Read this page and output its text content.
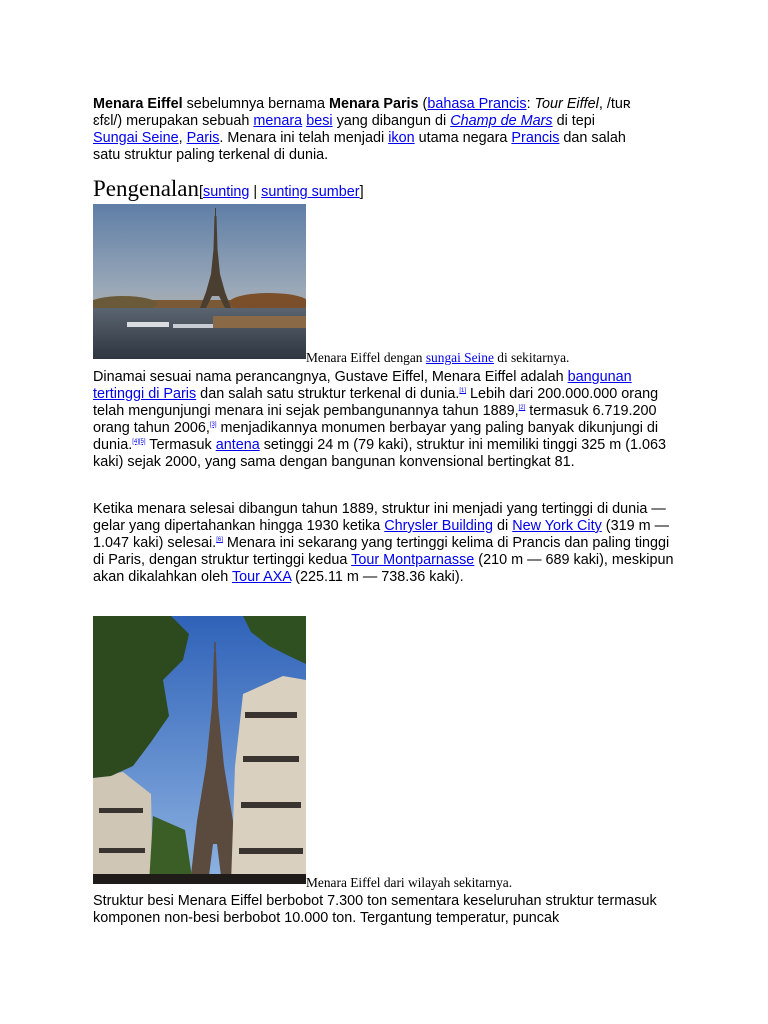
Menara Eiffel sebelumnya bernama Menara Paris (bahasa Prancis: Tour Eiffel, /tuʀ ɛfɛl/) merupakan sebuah menara besi yang dibangun di Champ de Mars di tepi Sungai Seine, Paris. Menara ini telah menjadi ikon utama negara Prancis dan salah satu struktur paling terkenal di dunia.

Pengenalan[sunting | sunting sumber]
Menara Eiffel dengan sungai Seine di sekitarnya.

Dinamai sesuai nama perancangnya, Gustave Eiffel, Menara Eiffel adalah bangunan tertinggi di Paris dan salah satu struktur terkenal di dunia.[1] Lebih dari 200.000.000 orang telah mengunjungi menara ini sejak pembangunannya tahun 1889,[2] termasuk 6.719.200 orang tahun 2006,[3] menjadikannya monumen berbayar yang paling banyak dikunjungi di dunia.[4][5] Termasuk antena setinggi 24 m (79 kaki), struktur ini memiliki tinggi 325 m (1.063 kaki) sejak 2000, yang sama dengan bangunan konvensional bertingkat 81.

Ketika menara selesai dibangun tahun 1889, struktur ini menjadi yang tertinggi di dunia — gelar yang dipertahankan hingga 1930 ketika Chrysler Building di New York City (319 m — 1.047 kaki) selesai.[6] Menara ini sekarang yang tertinggi kelima di Prancis dan paling tinggi di Paris, dengan struktur tertinggi kedua Tour Montparnasse (210 m — 689 kaki), meskipun akan dikalahkan oleh Tour AXA (225.11 m — 738.36 kaki).

Menara Eiffel dari wilayah sekitarnya.

Struktur besi Menara Eiffel berbobot 7.300 ton sementara keseluruhan struktur termasuk komponen non-besi berbobot 10.000 ton. Tergantung temperatur, puncak
